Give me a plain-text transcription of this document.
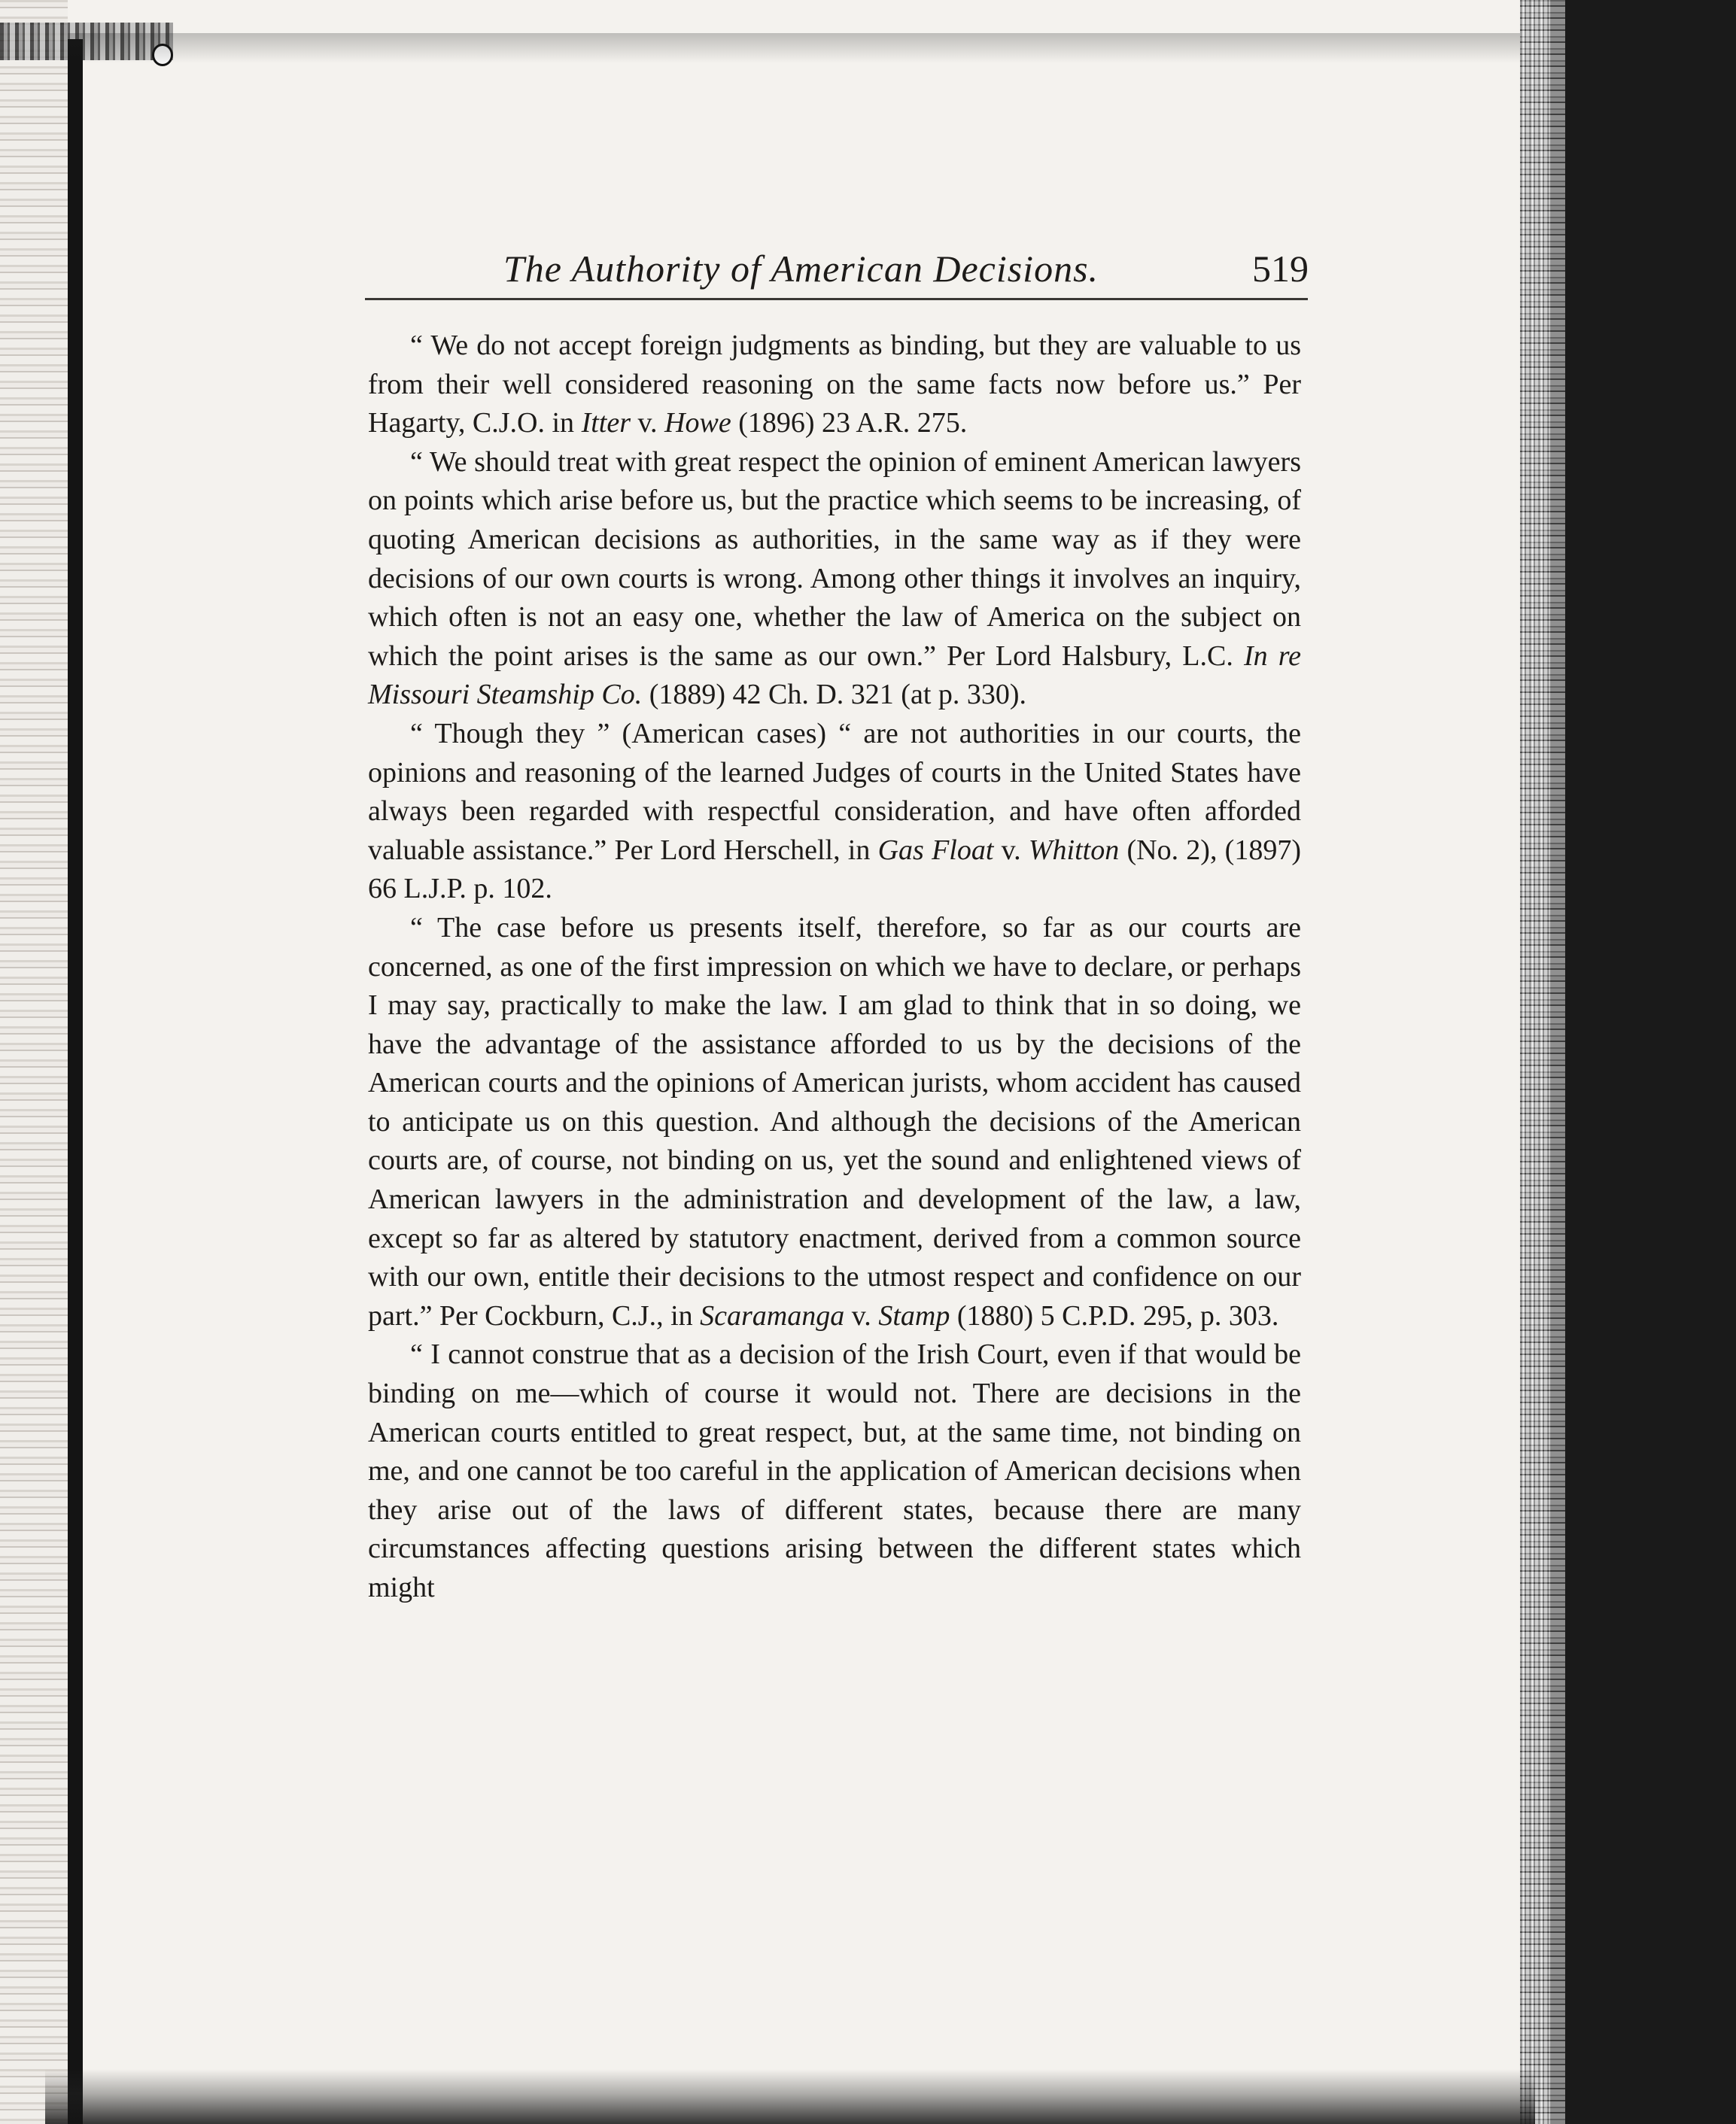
The Authority of American Decisions.	519

“ We do not accept foreign judgments as binding, but they are valuable to us from their well considered reasoning on the same facts now before us.” Per Hagarty, C.J.O. in Itter v. Howe (1896) 23 A.R. 275.

“ We should treat with great respect the opinion of eminent American lawyers on points which arise before us, but the practice which seems to be increasing, of quoting American decisions as authorities, in the same way as if they were decisions of our own courts is wrong. Among other things it involves an inquiry, which often is not an easy one, whether the law of America on the subject on which the point arises is the same as our own.” Per Lord Halsbury, L.C. In re Missouri Steamship Co. (1889) 42 Ch. D. 321 (at p. 330).

“ Though they ” (American cases) “ are not authorities in our courts, the opinions and reasoning of the learned Judges of courts in the United States have always been regarded with respectful consideration, and have often afforded valuable assistance.” Per Lord Herschell, in Gas Float v. Whitton (No. 2), (1897) 66 L.J.P. p. 102.

“ The case before us presents itself, therefore, so far as our courts are concerned, as one of the first impression on which we have to declare, or perhaps I may say, practically to make the law. I am glad to think that in so doing, we have the advantage of the assistance afforded to us by the decisions of the American courts and the opinions of American jurists, whom accident has caused to anticipate us on this question. And although the decisions of the American courts are, of course, not binding on us, yet the sound and enlightened views of American lawyers in the administration and development of the law, a law, except so far as altered by statutory enactment, derived from a common source with our own, entitle their decisions to the utmost respect and confidence on our part.” Per Cockburn, C.J., in Scaramanga v. Stamp (1880) 5 C.P.D. 295, p. 303.

“ I cannot construe that as a decision of the Irish Court, even if that would be binding on me—which of course it would not. There are decisions in the American courts entitled to great respect, but, at the same time, not binding on me, and one cannot be too careful in the application of American decisions when they arise out of the laws of different states, because there are many circumstances affecting questions arising between the different states which might
